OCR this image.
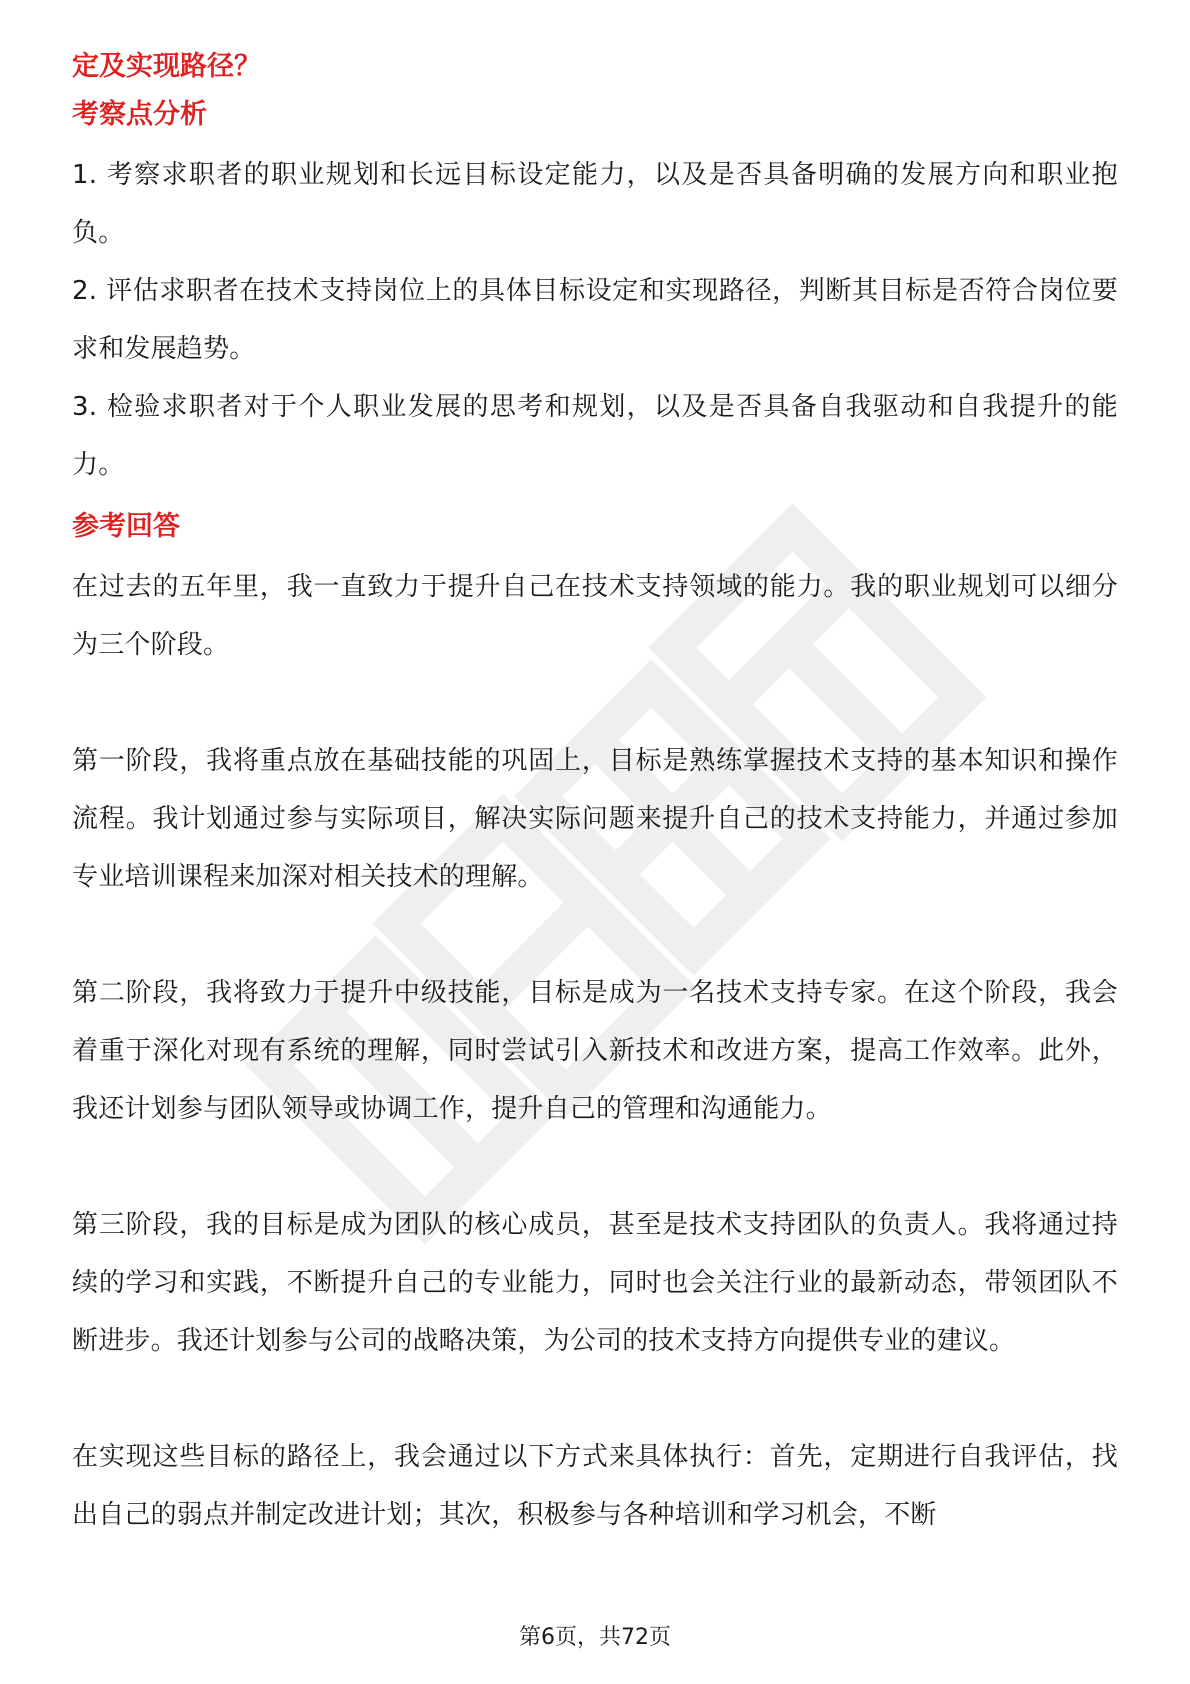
定及实现路径？
考察点分析

1. 考察求职者的职业规划和长远目标设定能力，以及是否具备明确的发展方向和职业抱负。

2. 评估求职者在技术支持岗位上的具体目标设定和实现路径，判断其目标是否符合岗位要求和发展趋势。

3. 检验求职者对于个人职业发展的思考和规划，以及是否具备自我驱动和自我提升的能力。

参考回答

在过去的五年里，我一直致力于提升自己在技术支持领域的能力。我的职业规划可以细分为三个阶段。

第一阶段，我将重点放在基础技能的巩固上，目标是熟练掌握技术支持的基本知识和操作流程。我计划通过参与实际项目，解决实际问题来提升自己的技术支持能力，并通过参加专业培训课程来加深对相关技术的理解。

第二阶段，我将致力于提升中级技能，目标是成为一名技术支持专家。在这个阶段，我会着重于深化对现有系统的理解，同时尝试引入新技术和改进方案，提高工作效率。此外，我还计划参与团队领导或协调工作，提升自己的管理和沟通能力。

第三阶段，我的目标是成为团队的核心成员，甚至是技术支持团队的负责人。我将通过持续的学习和实践，不断提升自己的专业能力，同时也会关注行业的最新动态，带领团队不断进步。我还计划参与公司的战略决策，为公司的技术支持方向提供专业的建议。

在实现这些目标的路径上，我会通过以下方式来具体执行：首先，定期进行自我评估，找出自己的弱点并制定改进计划；其次，积极参与各种培训和学习机会，不断

第6页，共72页
